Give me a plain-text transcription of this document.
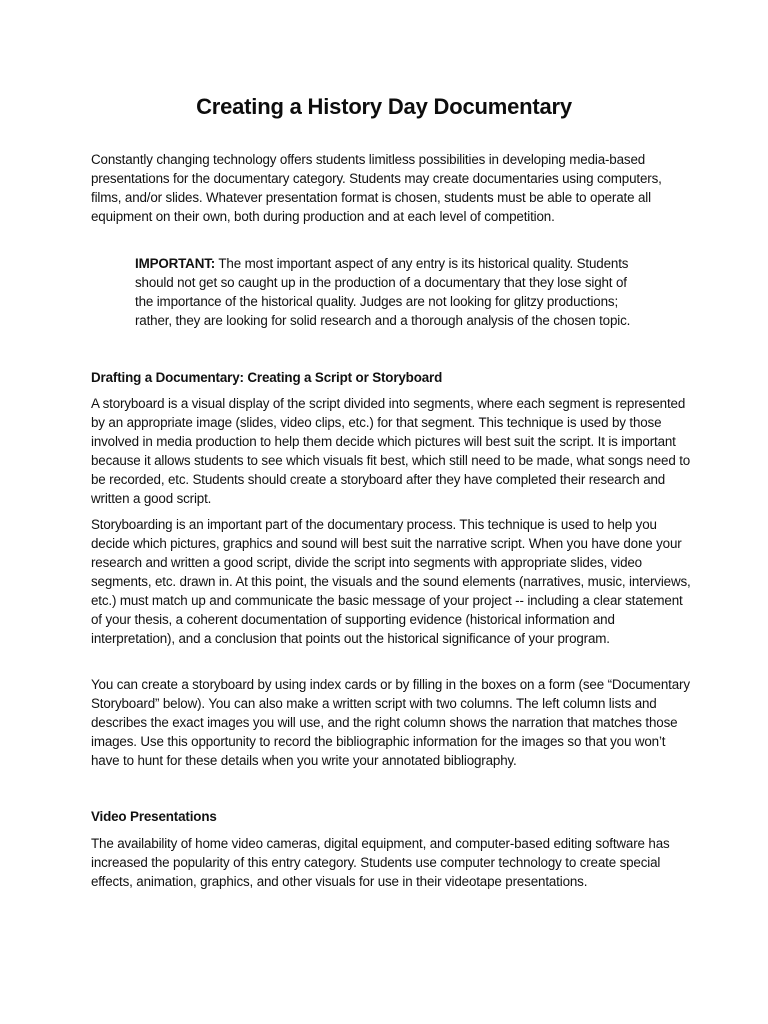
Creating a History Day Documentary

Constantly changing technology offers students limitless possibilities in developing media-based presentations for the documentary category. Students may create documentaries using computers, films, and/or slides. Whatever presentation format is chosen, students must be able to operate all equipment on their own, both during production and at each level of competition.

IMPORTANT: The most important aspect of any entry is its historical quality. Students should not get so caught up in the production of a documentary that they lose sight of the importance of the historical quality. Judges are not looking for glitzy productions; rather, they are looking for solid research and a thorough analysis of the chosen topic.

Drafting a Documentary: Creating a Script or Storyboard

A storyboard is a visual display of the script divided into segments, where each segment is represented by an appropriate image (slides, video clips, etc.) for that segment. This technique is used by those involved in media production to help them decide which pictures will best suit the script. It is important because it allows students to see which visuals fit best, which still need to be made, what songs need to be recorded, etc. Students should create a storyboard after they have completed their research and written a good script.

Storyboarding is an important part of the documentary process. This technique is used to help you decide which pictures, graphics and sound will best suit the narrative script. When you have done your research and written a good script, divide the script into segments with appropriate slides, video segments, etc. drawn in. At this point, the visuals and the sound elements (narratives, music, interviews, etc.) must match up and communicate the basic message of your project -- including a clear statement of your thesis, a coherent documentation of supporting evidence (historical information and interpretation), and a conclusion that points out the historical significance of your program.

You can create a storyboard by using index cards or by filling in the boxes on a form (see “Documentary Storyboard” below). You can also make a written script with two columns. The left column lists and describes the exact images you will use, and the right column shows the narration that matches those images. Use this opportunity to record the bibliographic information for the images so that you won’t have to hunt for these details when you write your annotated bibliography.

Video Presentations

The availability of home video cameras, digital equipment, and computer-based editing software has increased the popularity of this entry category. Students use computer technology to create special effects, animation, graphics, and other visuals for use in their videotape presentations.
